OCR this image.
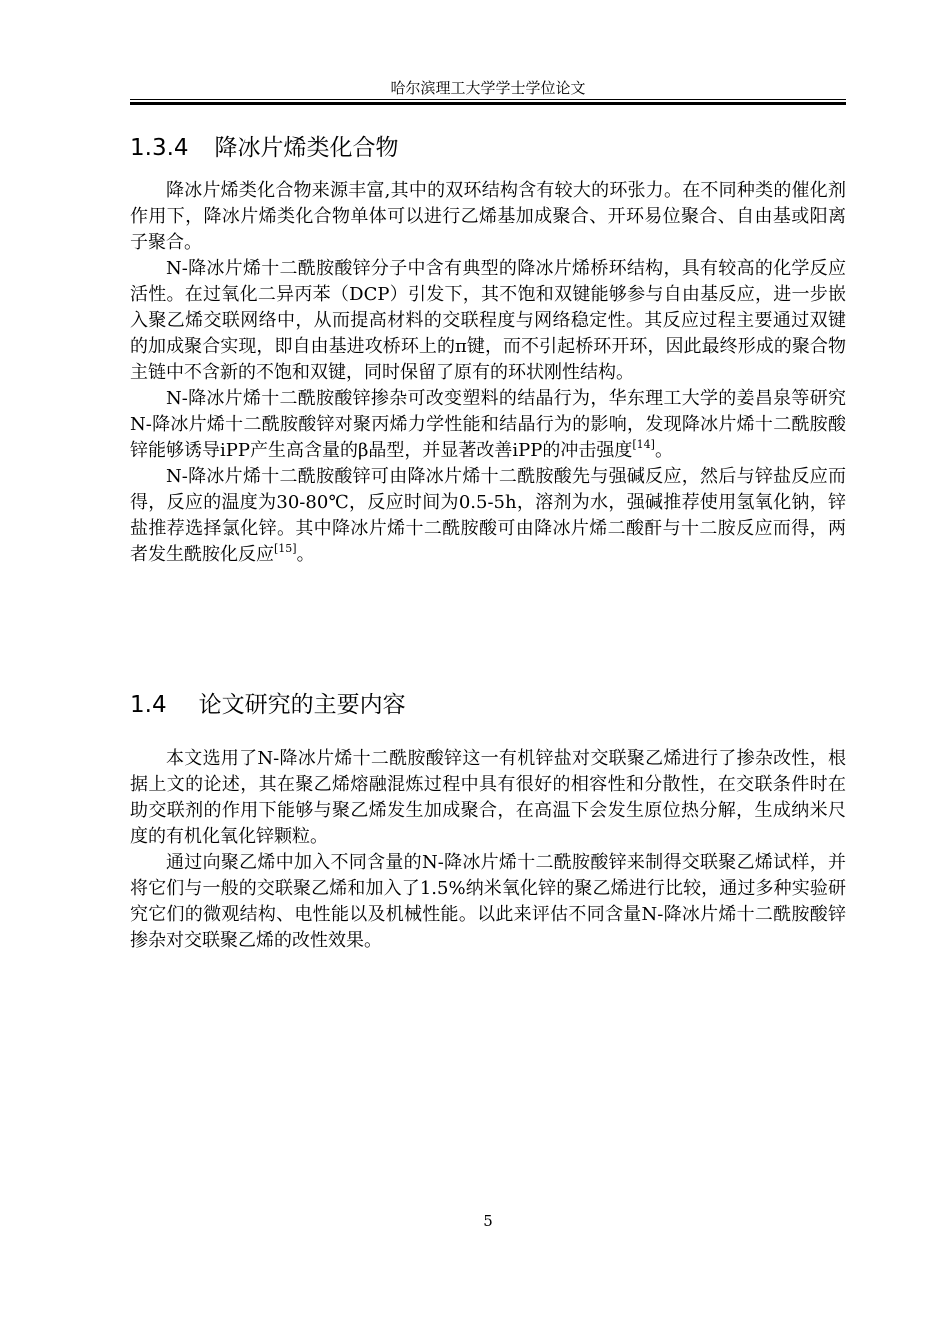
哈尔滨理工大学学士学位论文
1.3.4 降冰片烯类化合物

降冰片烯类化合物来源丰富,其中的双环结构含有较大的环张力。在不同种类的催化剂作用下，降冰片烯类化合物单体可以进行乙烯基加成聚合、开环易位聚合、自由基或阳离子聚合。

N-降冰片烯十二酰胺酸锌分子中含有典型的降冰片烯桥环结构，具有较高的化学反应活性。在过氧化二异丙苯（DCP）引发下，其不饱和双键能够参与自由基反应，进一步嵌入聚乙烯交联网络中，从而提高材料的交联程度与网络稳定性。其反应过程主要通过双键的加成聚合实现，即自由基进攻桥环上的π键，而不引起桥环开环，因此最终形成的聚合物主链中不含新的不饱和双键，同时保留了原有的环状刚性结构。

N-降冰片烯十二酰胺酸锌掺杂可改变塑料的结晶行为，华东理工大学的姜昌泉等研究N-降冰片烯十二酰胺酸锌对聚丙烯力学性能和结晶行为的影响，发现降冰片烯十二酰胺酸锌能够诱导iPP产生高含量的β晶型，并显著改善iPP的冲击强度[14]。

N-降冰片烯十二酰胺酸锌可由降冰片烯十二酰胺酸先与强碱反应，然后与锌盐反应而得，反应的温度为30-80℃，反应时间为0.5-5h，溶剂为水，强碱推荐使用氢氧化钠，锌盐推荐选择氯化锌。其中降冰片烯十二酰胺酸可由降冰片烯二酸酐与十二胺反应而得，两者发生酰胺化反应[15]。

1.4 论文研究的主要内容

本文选用了N-降冰片烯十二酰胺酸锌这一有机锌盐对交联聚乙烯进行了掺杂改性，根据上文的论述，其在聚乙烯熔融混炼过程中具有很好的相容性和分散性，在交联条件时在助交联剂的作用下能够与聚乙烯发生加成聚合，在高温下会发生原位热分解，生成纳米尺度的有机化氧化锌颗粒。

通过向聚乙烯中加入不同含量的N-降冰片烯十二酰胺酸锌来制得交联聚乙烯试样，并将它们与一般的交联聚乙烯和加入了1.5%纳米氧化锌的聚乙烯进行比较，通过多种实验研究它们的微观结构、电性能以及机械性能。以此来评估不同含量N-降冰片烯十二酰胺酸锌掺杂对交联聚乙烯的改性效果。

5
